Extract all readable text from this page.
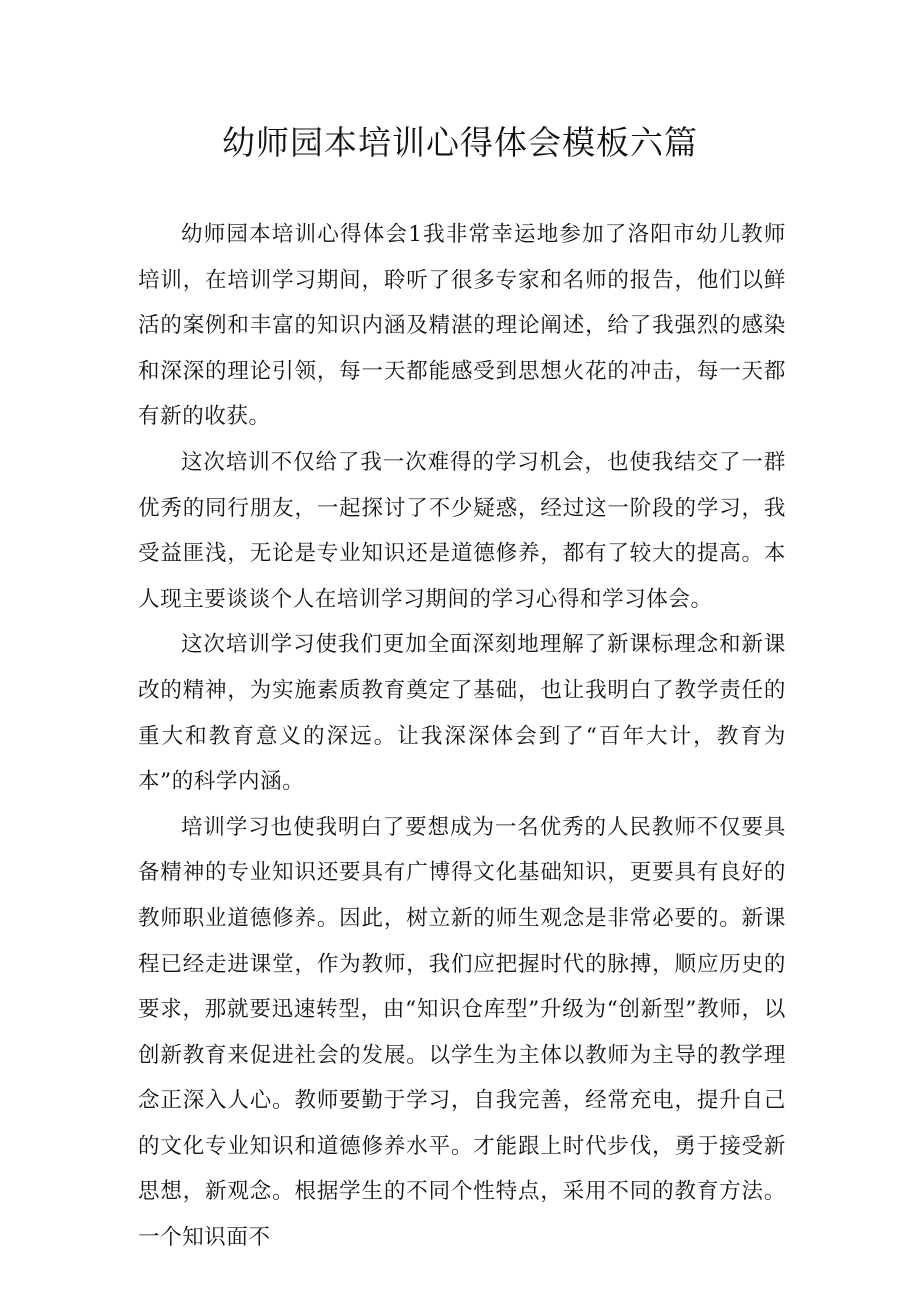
幼师园本培训心得体会模板六篇

幼师园本培训心得体会1我非常幸运地参加了洛阳市幼儿教师培训，在培训学习期间，聆听了很多专家和名师的报告，他们以鲜活的案例和丰富的知识内涵及精湛的理论阐述，给了我强烈的感染和深深的理论引领，每一天都能感受到思想火花的冲击，每一天都有新的收获。

这次培训不仅给了我一次难得的学习机会，也使我结交了一群优秀的同行朋友，一起探讨了不少疑惑，经过这一阶段的学习，我受益匪浅，无论是专业知识还是道德修养，都有了较大的提高。本人现主要谈谈个人在培训学习期间的学习心得和学习体会。

这次培训学习使我们更加全面深刻地理解了新课标理念和新课改的精神，为实施素质教育奠定了基础，也让我明白了教学责任的重大和教育意义的深远。让我深深体会到了“百年大计，教育为本”的科学内涵。

培训学习也使我明白了要想成为一名优秀的人民教师不仅要具备精神的专业知识还要具有广博得文化基础知识，更要具有良好的教师职业道德修养。因此，树立新的师生观念是非常必要的。新课程已经走进课堂，作为教师，我们应把握时代的脉搏，顺应历史的要求，那就要迅速转型，由“知识仓库型”升级为“创新型”教师，以创新教育来促进社会的发展。以学生为主体以教师为主导的教学理念正深入人心。教师要勤于学习，自我完善，经常充电，提升自己的文化专业知识和道德修养水平。才能跟上时代步伐，勇于接受新思想，新观念。根据学生的不同个性特点，采用不同的教育方法。一个知识面不
